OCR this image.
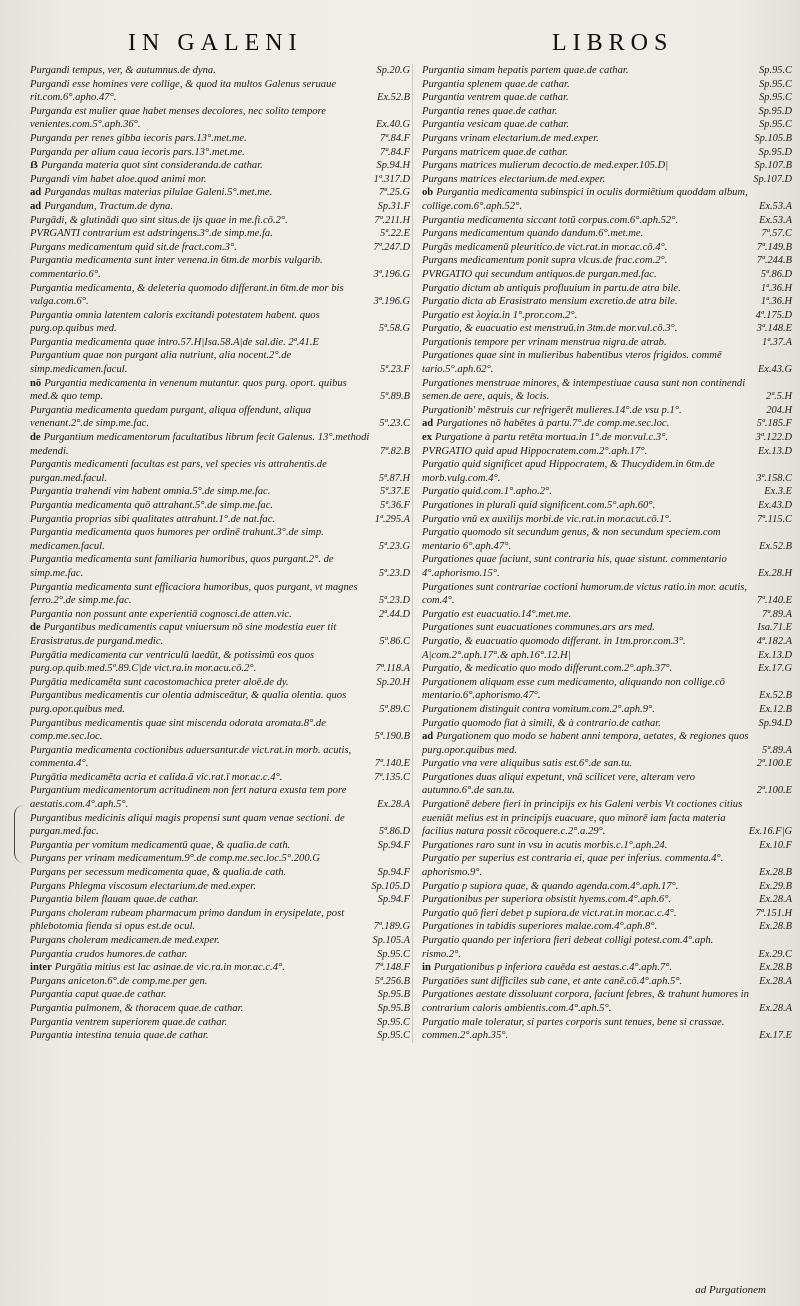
IN GALENI	LIBROS
Purgandi tempus, ver, & autumnus.de dyna.	Sp.20.G
Purgandi esse homines vere collige, & quod ita multos Galenus seruaue rit.com.6°.apho.47°.	Ex.52.B
Purganda est mulier quae habet menses decolores, nec solito tempore venientes.com.5°.aph.36°.	Ex.40.G
Purganda per renes gibba iecoris pars.13°.met.me.	7ª.84.F
Purganda per alium caua iecoris pars.13°.met.me.	7ª.84.F
ẞ Purganda materia quot sint consideranda.de cathar.	Sp.94.H
Purgandi vim habet aloe.quod animi mor.	1ª.317.D
ad Purgandas multas materias pilulae Galeni.5°.met.me.	7ª.25.G
ad Purgandum, Tractum.de dyna.	Sp.31.F
Purgādi, & glutinādi quo sint situs.de ijs quae in me.fi.cō.2°.	7ª.211.H
PVRGANTI contrarium est adstringens.3°.de simp.me.fa.	5ª.22.E
Purgans medicamentum quid sit.de fract.com.3°.	7ª.247.D
Purgantia medicamenta sunt inter venena.in 6tm.de morbis vulgarib. commentario.6°.	3ª.196.G
Purgantia medicamenta, & deleteria quomodo differant.in 6tm.de mor bis vulga.com.6°.	3ª.196.G
Purgantia omnia latentem caloris excitandi potestatem habent. quos purg.op.quibus med.	5ª.58.G
Purgantia medicamenta quae intro.57.H|Isa.58.A|de sal.die. 2ª.41.E
Purgantium quae non purgant alia nutriunt, alia nocent.2°.de simp.medicamen.facul.	5ª.23.F
nō Purgantia medicamenta in venenum mutantur. quos purg. oport. quibus med.& quo temp.	5ª.89.B
Purgantia medicamenta quedam purgant, aliqua offendunt, aliqua venenant.2°.de simp.me.fac.	5ª.23.C
de Purgantium medicamentorum facultatibus librum fecit Galenus. 13°.methodi medendi.	7ª.82.B
Purgantis medicamenti facultas est pars, vel species vis attrahentis.de purgan.med.facul.	5ª.87.H
Purgantia trahendi vim habent omnia.5°.de simp.me.fac.	5ª.37.E
Purgantia medicamenta quō attrahant.5°.de simp.me.fac.	5ª.36.F
Purgantia proprias sibi qualitates attrahunt.1°.de nat.fac.	1ª.295.A
Purgantia medicamenta quos humores per ordinē trahunt.3°.de simp. medicamen.facul.	5ª.23.G
Purgantia medicamenta sunt familiaria humoribus, quos purgant.2°. de simp.me.fac.	5ª.23.D
Purgantia medicamenta sunt efficaciora humoribus, quos purgant, vt magnes ferro.2°.de simp.me.fac.	5ª.23.D
Purgantia non possunt ante experientiā cognosci.de atten.vic.	2ª.44.D
de Purgantibus medicamentis caput vniuersum nō sine modestia euer tit Erasistratus.de purgand.medic.	5ª.86.C
Purgātia medicamenta cur ventriculū laedūt, & potissimū eos quos purg.op.quib.med.5ª.89.C|de vict.ra.in mor.acu.cō.2°.	7ª.118.A
Purgātia medicamēta sunt cacostomachica preter aloē.de dy.	Sp.20.H
Purgantibus medicamentis cur olentia admisceātur, & qualia olentia. quos purg.opor.quibus med.	5ª.89.C
Purgantibus medicamentis quae sint miscenda odorata aromata.8°.de comp.me.sec.loc.	5ª.190.B
Purgantia medicamenta coctionibus aduersantur.de vict.rat.in morb. acutis, commenta.4°.	7ª.140.E
Purgātia medicamēta acria et calida.ā vic.rat.ī mor.ac.c.4°.	7ª.135.C
Purgantium medicamentorum acritudinem non fert natura exusta tem pore aestatis.com.4°.aph.5°.	Ex.28.A
Purgantibus medicinis aliqui magis propensi sunt quam venae sectioni. de purgan.med.fac.	5ª.86.D
Purgantia per vomitum medicamentū quae, & qualia.de cath.	Sp.94.F
Purgans per vrinam medicamentum.9°.de comp.me.sec.loc.5°.200.G
Purgans per secessum medicamenta quae, & qualia.de cath.	Sp.94.F
Purgans Phlegma viscosum electarium.de med.exper.	Sp.105.D
Purgantia bilem flauam quae.de cathar.	Sp.94.F
Purgans choleram rubeam pharmacum primo dandum in erysipelate, post phlebotomia fienda si opus est.de ocul.	7ª.189.G
Purgans choleram medicamen.de med.exper.	Sp.105.A
Purgantia crudos humores.de cathar.	Sp.95.C
inter Purgātia mitius est lac asinae.de vic.ra.in mor.ac.c.4°.	7ª.148.F
Purgans aniceton.6°.de comp.me.per gen.	5ª.256.B
Purgantia caput quae.de cathar.	Sp.95.B
Purgantia pulmonem, & thoracem quae.de cathar.	Sp.95.B
Purgantia ventrem superiorem quae.de cathar.	Sp.95.C
Purgantia intestina tenuia quae.de cathar.	Sp.95.C
Purgantia simam hepatis partem quae.de cathar.	Sp.95.C
Purgantia splenem quae.de cathar.	Sp.95.C
Purgantia ventrem quae.de cathar.	Sp.95.C
Purgantia renes quae.de cathar.	Sp.95.D
Purgantia vesicam quae.de cathar.	Sp.95.C
Purgans vrinam electarium.de med.exper.	Sp.105.B
Purgans matricem quae.de cathar.	Sp.95.D
Purgans matrices mulierum decoctio.de med.exper.105.D|	Sp.107.B
Purgans matrices electarium.de med.exper.	Sp.107.D
ob Purgantia medicamenta subinspici in oculis dormiētium quoddam album, collige.com.6°.aph.52°.	Ex.53.A
Purgantia medicamenta siccant totū corpus.com.6°.aph.52°.	Ex.53.A
Purgans medicamentum quando dandum.6°.met.me.	7ª.57.C
Purgās medicamenū pleuritico.de vict.rat.in mor.ac.cō.4°.	7ª.149.B
Purgans medicamentum ponit supra vlcus.de frac.com.2°.	7ª.244.B
PVRGATIO qui secundum antiquos.de purgan.med.fac.	5ª.86.D
Purgatio dictum ab antiquis profluuium in partu.de atra bile.	1ª.36.H
Purgatio dicta ab Erasistrato mensium excretio.de atra bile.	1ª.36.H
Purgatio est λοχία.in 1°.pror.com.2°.	4ª.175.D
Purgatio, & euacuatio est menstruū.in 3tm.de mor.vul.cō.3°.	3ª.148.E
Purgationis tempore per vrinam menstrua nigra.de atrab.	1ª.37.A
Purgationes quae sint in mulieribus habentibus vteros frigidos. commē tario.5°.aph.62°.	Ex.43.G
Purgationes menstruae minores, & intempestiuae causa sunt non continendi semen.de aere, aquis, & locis.	2ª.5.H
Purgationib' mēstruis cur refrigerēt mulieres.14°.de vsu p.1°.	204.H
ad Purgationes nō habētes à partu.7°.de comp.me.sec.loc.	5ª.185.F
ex Purgatione à partu retēta mortua.in 1°.de mor.vul.c.3°.	3ª.122.D
PVRGATIO quid apud Hippocratem.com.2°.aph.17°.	Ex.13.D
Purgatio quid significet apud Hippocratem, & Thucydidem.in 6tm.de morb.vulg.com.4°.	3ª.158.C
Purgatio quid.com.1°.apho.2°.	Ex.3.E
Purgationes in plurali quid significent.com.5°.aph.60°.	Ex.43.D
Purgatio vnū ex auxilijs morbi.de vic.rat.in mor.acut.cō.1°.	7ª.115.C
Purgatio quomodo sit secundum genus, & non secundum speciem.com mentario 6°.aph.47°.	Ex.52.B
Purgationes quae faciunt, sunt contraria his, quae sistunt. commentario 4°.aphorismo.15°.	Ex.28.H
Purgationes sunt contrariae coctioni humorum.de victus ratio.in mor. acutis, com.4°.	7ª.140.E
Purgatio est euacuatio.14°.met.me.	7ª.89.A
Purgationes sunt euacuationes communes.ars ars med.	Isa.71.E
Purgatio, & euacuatio quomodo differant. in 1tm.pror.com.3°.	4ª.182.A
A|com.2°.aph.17°.& aph.16°.12.H|	Ex.13.D
Purgatio, & medicatio quo modo differunt.com.2°.aph.37°.	Ex.17.G
Purgationem aliquam esse cum medicamento, aliquando non collige.cō mentario.6°.aphorismo.47°.	Ex.52.B
Purgationem distinguit contra vomitum.com.2°.aph.9°.	Ex.12.B
Purgatio quomodo fiat à simili, & à contrario.de cathar.	Sp.94.D
ad Purgationem quo modo se habent anni tempora, aetates, & regiones quos purg.opor.quibus med.	5ª.89.A
Purgatio vna vere aliquibus satis est.6°.de san.tu.	2ª.100.E
Purgationes duas aliqui expetunt, vnā scilicet vere, alteram vero autumno.6°.de san.tu.	2ª.100.E
Purgationē debere fieri in principijs ex his Galeni verbis Vt coctiones citius eueniāt melius est in principijs euacuare, quo minorē iam facta materia facilius natura possit cōcoquere.c.2°.a.29°.	Ex.16.F|G
Purgationes raro sunt in vsu in acutis morbis.c.1°.aph.24.	Ex.10.F
Purgatio per superius est contraria ei, quae per inferius. commenta.4°. aphorismo.9°.	Ex.28.B
Purgatio p supiora quae, & quando agenda.com.4°.aph.17°.	Ex.29.B
Purgationibus per superiora obsistit hyems.com.4°.aph.6°.	Ex.28.A
Purgatio quō fieri debet p supiora.de vict.rat.in mor.ac.c.4°.	7ª.151.H
Purgationes in tabidis superiores malae.com.4°.aph.8°.	Ex.28.B
Purgatio quando per inferiora fieri debeat colligi potest.com.4°.aph. rismo.2°.	Ex.29.C
in Purgationibus p inferiora cauēda est aestas.c.4°.aph.7°.	Ex.28.B
Purgatiōes sunt difficiles sub cane, et ante canē.cō.4°.aph.5°.	Ex.28.A
Purgationes aestate dissoluunt corpora, faciunt febres, & trahunt humores in contrarium caloris ambientis.com.4°.aph.5°.	Ex.28.A
Purgatio male toleratur, si partes corporis sunt tenues, bene si crassae. commen.2°.aph.35°.	Ex.17.E
ad Purgationem
